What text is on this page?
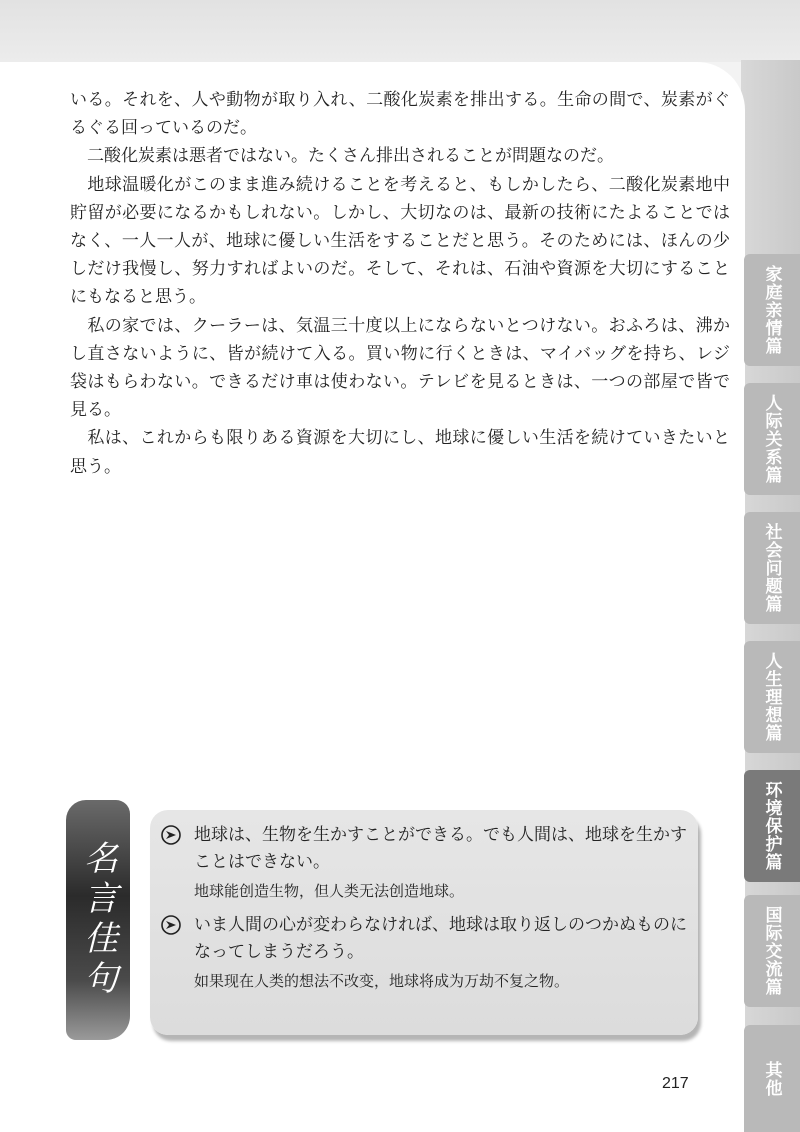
いる。それを、人や動物が取り入れ、二酸化炭素を排出する。生命の間で、炭素がぐるぐる回っているのだ。

　二酸化炭素は悪者ではない。たくさん排出されることが問題なのだ。

　地球温暖化がこのまま進み続けることを考えると、もしかしたら、二酸化炭素地中貯留が必要になるかもしれない。しかし、大切なのは、最新の技術にたよることではなく、一人一人が、地球に優しい生活をすることだと思う。そのためには、ほんの少しだけ我慢し、努力すればよいのだ。そして、それは、石油や資源を大切にすることにもなると思う。

　私の家では、クーラーは、気温三十度以上にならないとつけない。おふろは、沸かし直さないように、皆が続けて入る。買い物に行くときは、マイバッグを持ち、レジ袋はもらわない。できるだけ車は使わない。テレビを見るときは、一つの部屋で皆で見る。

　私は、これからも限りある資源を大切にし、地球に優しい生活を続けていきたいと思う。

家庭亲情篇
人际关系篇
社会问题篇
人生理想篇
环境保护篇
国际交流篇
其他
名言佳句
地球は、生物を生かすことができる。でも人間は、地球を生かすことはできない。
地球能创造生物，但人类无法创造地球。
いま人間の心が変わらなければ、地球は取り返しのつかぬものになってしまうだろう。
如果现在人类的想法不改变，地球将成为万劫不复之物。
217
